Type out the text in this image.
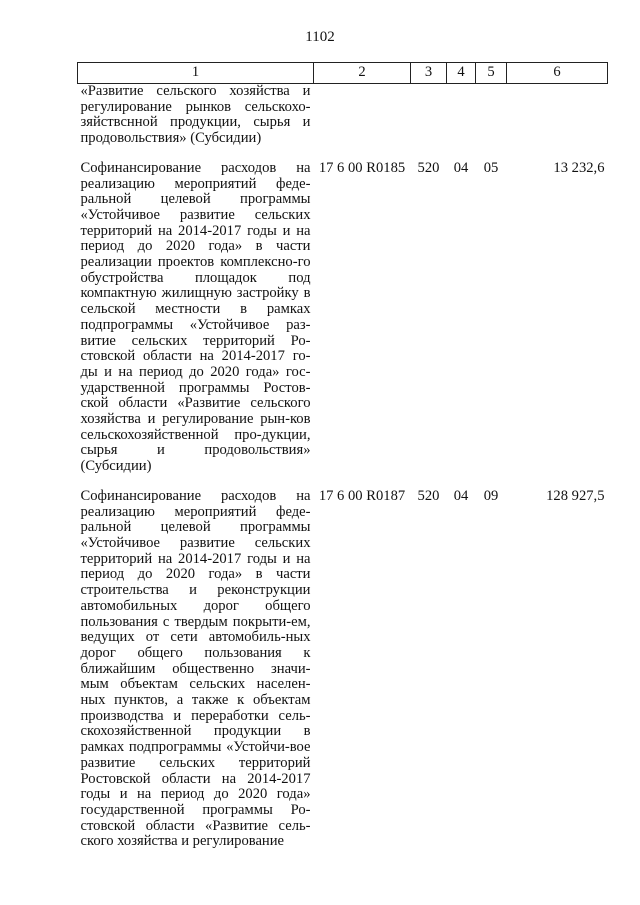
1102
1	2	3	4	5	6
«Развитие сельского хозяйства и регулирование рынков сельскохо-зяйствснной продукции, сырья и продовольствия» (Субсидии)					

Софинансирование расходов на реализацию мероприятий феде-ральной целевой программы «Устойчивое развитие сельских территорий на 2014-2017 годы и на период до 2020 года» в части реализации проектов комплексно-го обустройства площадок под компактную жилищную застройку в сельской местности в рамках подпрограммы «Устойчивое раз-витие сельских территорий Ро-стовской области на 2014-2017 го-ды и на период до 2020 года» гос-ударственной программы Ростов-ской области «Развитие сельского хозяйства и регулирование рын-ков сельскохозяйственной про-дукции, сырья и продовольствия» (Субсидии)	17 6 00 R0185	520	04	05	13 232,6

Софинансирование расходов на реализацию мероприятий феде-ральной целевой программы «Устойчивое развитие сельских территорий на 2014-2017 годы и на период до 2020 года» в части строительства и реконструкции автомобильных дорог общего пользования с твердым покрыти-ем, ведущих от сети автомобиль-ных дорог общего пользования к ближайшим общественно значи-мым объектам сельских населен-ных пунктов, а также к объектам производства и переработки сель-скохозяйственной продукции в рамках подпрограммы «Устойчи-вое развитие сельских территорий Ростовской области на 2014-2017 годы и на период до 2020 года» государственной программы Ро-стовской области «Развитие сель-ского хозяйства и регулирование	17 6 00 R0187	520	04	09	128 927,5
